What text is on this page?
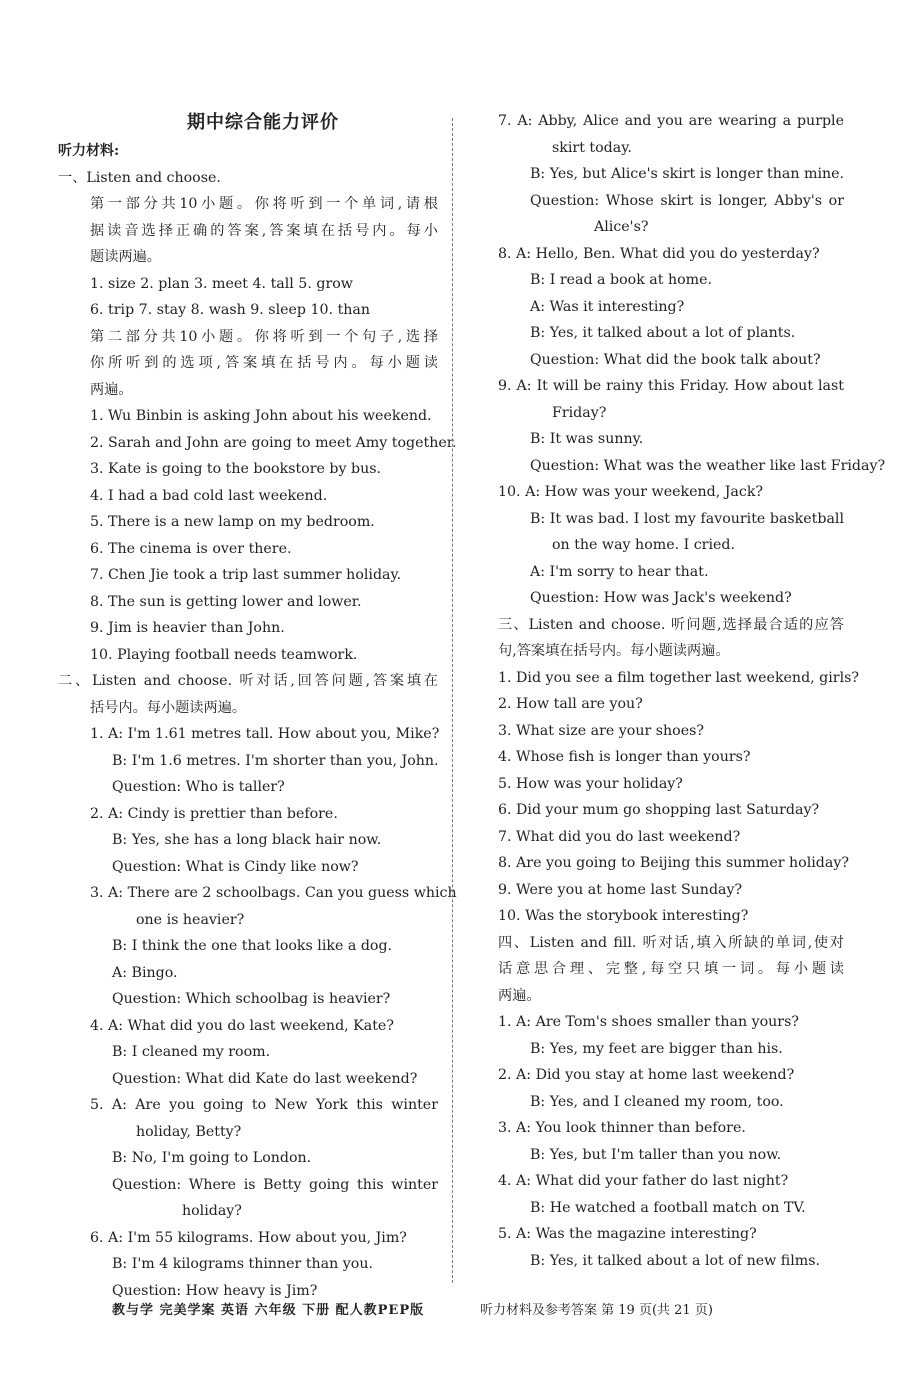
期中综合能力评价
听力材料:
一、Listen and choose.
第一部分共10小题。你将听到一个单词,请根
据读音选择正确的答案,答案填在括号内。每小
题读两遍。
1. size 2. plan 3. meet 4. tall 5. grow
6. trip 7. stay 8. wash 9. sleep 10. than
第二部分共10小题。你将听到一个句子,选择
你所听到的选项,答案填在括号内。每小题读
两遍。
1. Wu Binbin is asking John about his weekend.
2. Sarah and John are going to meet Amy together.
3. Kate is going to the bookstore by bus.
4. I had a bad cold last weekend.
5. There is a new lamp on my bedroom.
6. The cinema is over there.
7. Chen Jie took a trip last summer holiday.
8. The sun is getting lower and lower.
9. Jim is heavier than John.
10. Playing football needs teamwork.
二、Listen and choose. 听对话,回答问题,答案填在
括号内。每小题读两遍。
1. A: I'm 1.61 metres tall. How about you, Mike?
B: I'm 1.6 metres. I'm shorter than you, John.
Question: Who is taller?
2. A: Cindy is prettier than before.
B: Yes, she has a long black hair now.
Question: What is Cindy like now?
3. A: There are 2 schoolbags. Can you guess which
one is heavier?
B: I think the one that looks like a dog.
A: Bingo.
Question: Which schoolbag is heavier?
4. A: What did you do last weekend, Kate?
B: I cleaned my room.
Question: What did Kate do last weekend?
5. A: Are you going to New York this winter
holiday, Betty?
B: No, I'm going to London.
Question: Where is Betty going this winter
holiday?
6. A: I'm 55 kilograms. How about you, Jim?
B: I'm 4 kilograms thinner than you.
Question: How heavy is Jim?
7. A: Abby, Alice and you are wearing a purple
skirt today.
B: Yes, but Alice's skirt is longer than mine.
Question: Whose skirt is longer, Abby's or
Alice's?
8. A: Hello, Ben. What did you do yesterday?
B: I read a book at home.
A: Was it interesting?
B: Yes, it talked about a lot of plants.
Question: What did the book talk about?
9. A: It will be rainy this Friday. How about last
Friday?
B: It was sunny.
Question: What was the weather like last Friday?
10. A: How was your weekend, Jack?
B: It was bad. I lost my favourite basketball
on the way home. I cried.
A: I'm sorry to hear that.
Question: How was Jack's weekend?
三、Listen and choose. 听问题,选择最合适的应答
句,答案填在括号内。每小题读两遍。
1. Did you see a film together last weekend, girls?
2. How tall are you?
3. What size are your shoes?
4. Whose fish is longer than yours?
5. How was your holiday?
6. Did your mum go shopping last Saturday?
7. What did you do last weekend?
8. Are you going to Beijing this summer holiday?
9. Were you at home last Sunday?
10. Was the storybook interesting?
四、Listen and fill. 听对话,填入所缺的单词,使对
话意思合理、完整,每空只填一词。每小题读
两遍。
1. A: Are Tom's shoes smaller than yours?
B: Yes, my feet are bigger than his.
2. A: Did you stay at home last weekend?
B: Yes, and I cleaned my room, too.
3. A: You look thinner than before.
B: Yes, but I'm taller than you now.
4. A: What did your father do last night?
B: He watched a football match on TV.
5. A: Was the magazine interesting?
B: Yes, it talked about a lot of new films.
教与学 完美学案 英语 六年级 下册 配人教PEP版	听力材料及参考答案 第 19 页(共 21 页)
